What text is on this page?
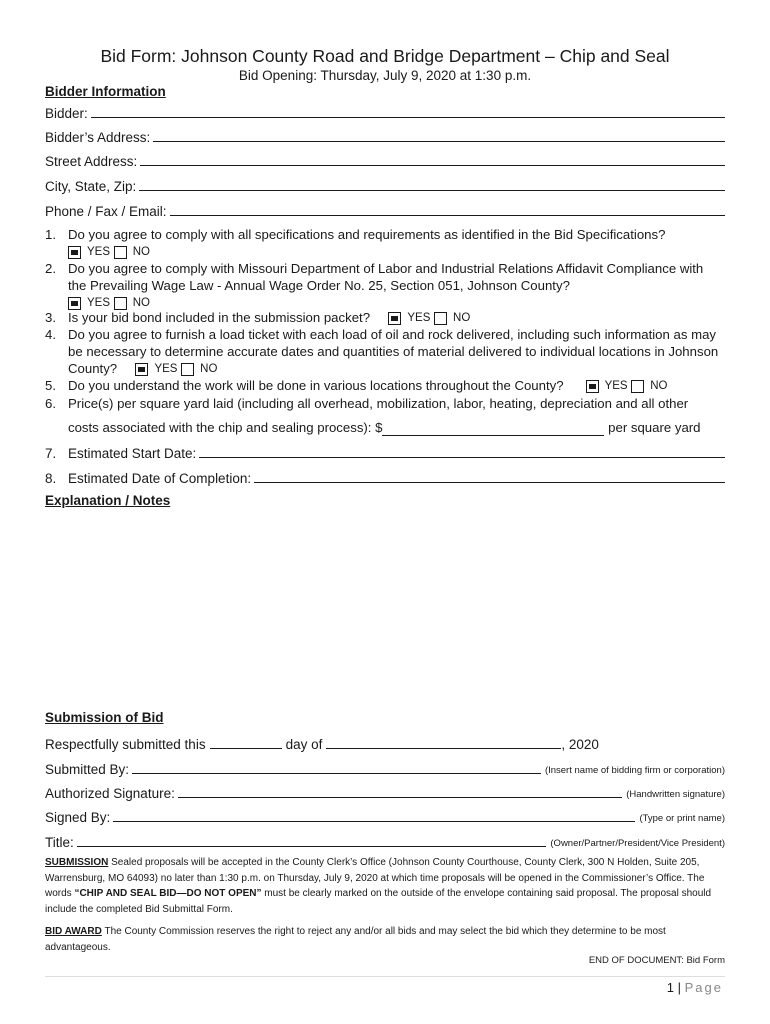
Bid Form: Johnson County Road and Bridge Department – Chip and Seal
Bid Opening: Thursday, July 9, 2020 at 1:30 p.m.
Bidder Information
Bidder:
Bidder’s Address:
Street Address:
City, State, Zip:
Phone / Fax / Email:
1. Do you agree to comply with all specifications and requirements as identified in the Bid Specifications?
YES
NO
2. Do you agree to comply with Missouri Department of Labor and Industrial Relations Affidavit Compliance with the Prevailing Wage Law - Annual Wage Order No. 25, Section 051, Johnson County?
YES
NO
3. Is your bid bond included in the submission packet?	YES
NO
4. Do you agree to furnish a load ticket with each load of oil and rock delivered, including such information as may be necessary to determine accurate dates and quantities of material delivered to individual locations in Johnson County?	YES
NO
5. Do you understand the work will be done in various locations throughout the County?	YES
NO
6. Price(s) per square yard laid (including all overhead, mobilization, labor, heating, depreciation and all other
costs associated with the chip and sealing process): $	per square yard
7. Estimated Start Date:
8. Estimated Date of Completion:
Explanation / Notes
Submission of Bid
Respectfully submitted this	day of	, 2020
Submitted By:	(Insert name of bidding firm or corporation)
Authorized Signature:	(Handwritten signature)
Signed By:	(Type or print name)
Title:	(Owner/Partner/President/Vice President)
SUBMISSION Sealed proposals will be accepted in the County Clerk’s Office (Johnson County Courthouse, County Clerk, 300 N Holden, Suite 205, Warrensburg, MO 64093) no later than 1:30 p.m. on Thursday, July 9, 2020 at which time proposals will be opened in the Commissioner’s Office. The words “CHIP AND SEAL BID—DO NOT OPEN” must be clearly marked on the outside of the envelope containing said proposal. The proposal should include the completed Bid Submittal Form.
BID AWARD The County Commission reserves the right to reject any and/or all bids and may select the bid which they determine to be most advantageous.
END OF DOCUMENT: Bid Form
1 | Page
